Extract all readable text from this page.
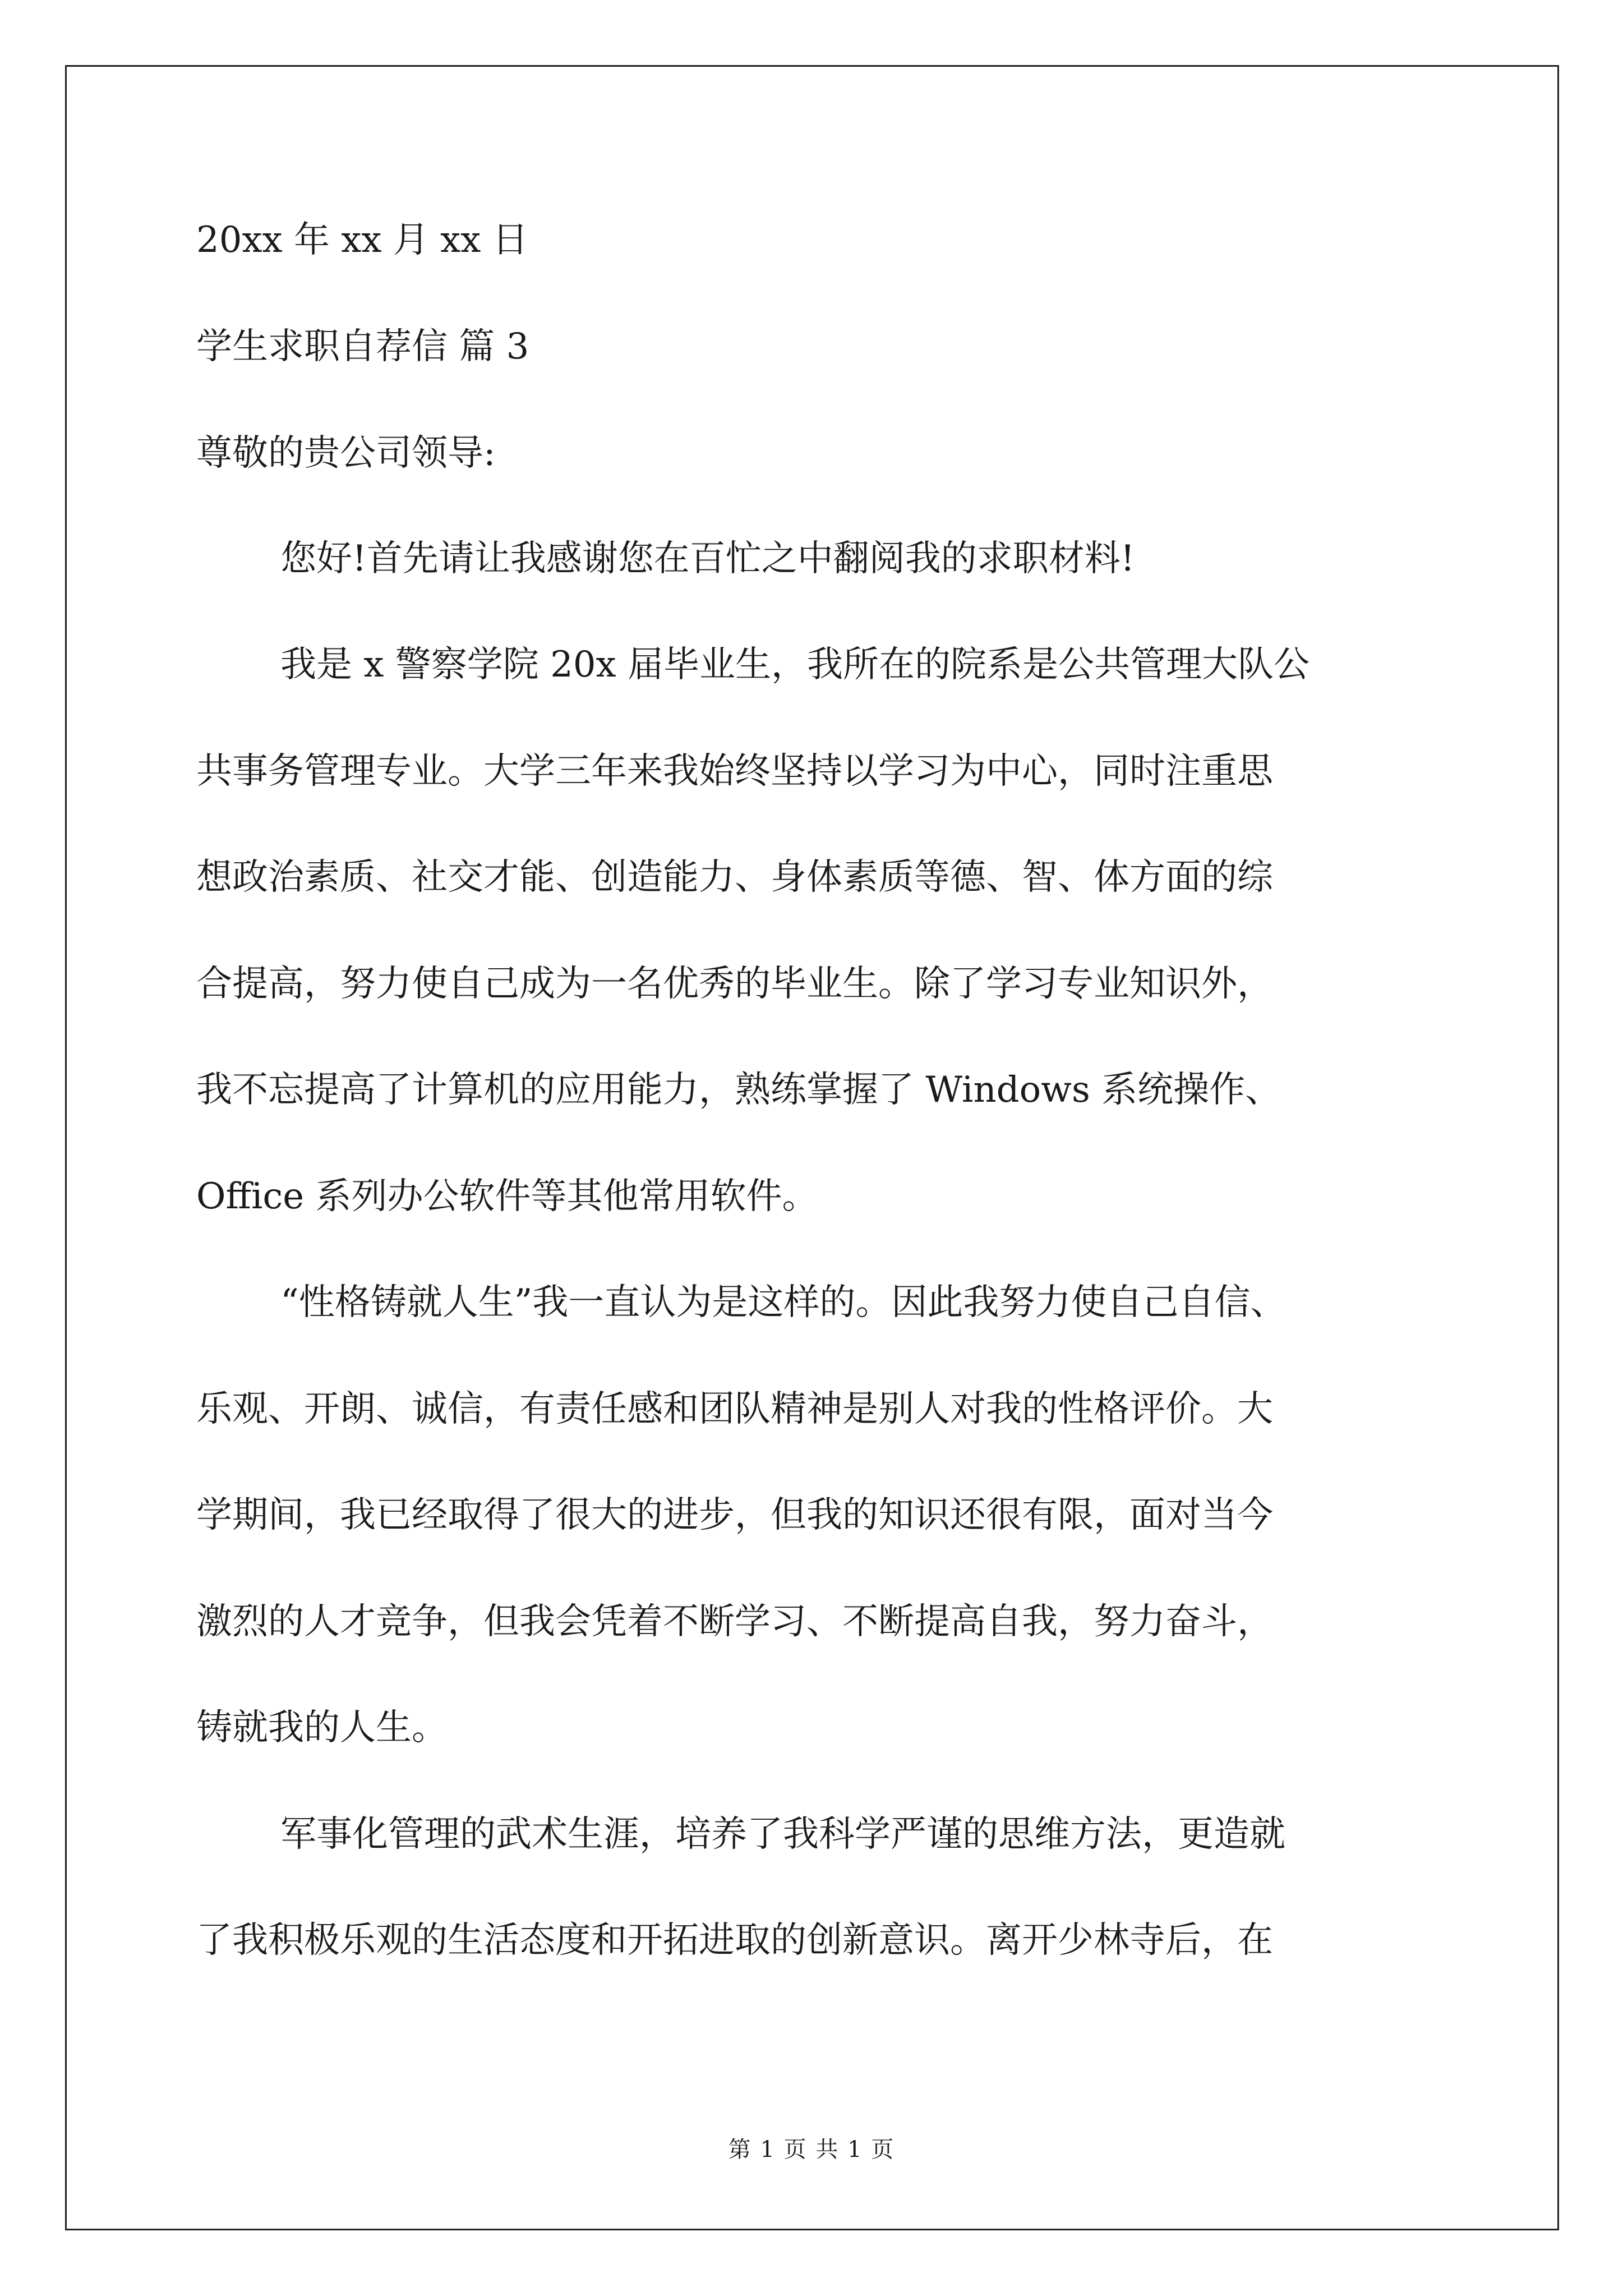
20xx 年 xx 月 xx 日
学生求职自荐信 篇 3
尊敬的贵公司领导:
您好!首先请让我感谢您在百忙之中翻阅我的求职材料!
我是 x 警察学院 20x 届毕业生，我所在的院系是公共管理大队公
共事务管理专业。大学三年来我始终坚持以学习为中心，同时注重思
想政治素质、社交才能、创造能力、身体素质等德、智、体方面的综
合提高，努力使自己成为一名优秀的毕业生。除了学习专业知识外，
我不忘提高了计算机的应用能力，熟练掌握了 Windows 系统操作、
Office 系列办公软件等其他常用软件。
“性格铸就人生”我一直认为是这样的。因此我努力使自己自信、
乐观、开朗、诚信，有责任感和团队精神是别人对我的性格评价。大
学期间，我已经取得了很大的进步，但我的知识还很有限，面对当今
激烈的人才竞争，但我会凭着不断学习、不断提高自我，努力奋斗，
铸就我的人生。
军事化管理的武术生涯，培养了我科学严谨的思维方法，更造就
了我积极乐观的生活态度和开拓进取的创新意识。离开少林寺后，在
第 1 页 共 1 页
